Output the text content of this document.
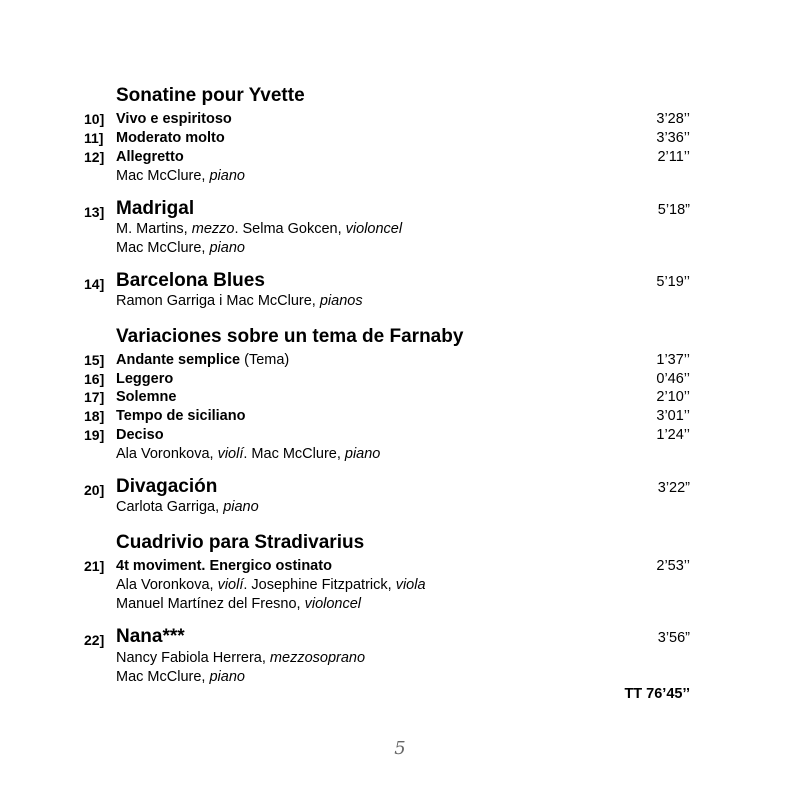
Sonatine pour Yvette
10] Vivo e espiritoso	3’28’’
11] Moderato molto	3’36’’
12] Allegretto	2’11’’
Mac McClure, piano
13] Madrigal	5’18”
M. Martins, mezzo. Selma Gokcen, violoncel
Mac McClure, piano
14] Barcelona Blues	5’19’’
Ramon Garriga i Mac McClure, pianos
Variaciones sobre un tema de Farnaby
15] Andante semplice (Tema)	1’37’’
16] Leggero	0’46’’
17] Solemne	2’10’’
18] Tempo de siciliano	3’01’’
19] Deciso	1’24’’
Ala Voronkova, violí. Mac McClure, piano
20] Divagación	3’22”
Carlota Garriga, piano
Cuadrivio para Stradivarius
21] 4t moviment. Energico ostinato	2’53’’
Ala Voronkova, violí. Josephine Fitzpatrick, viola
Manuel Martínez del Fresno, violoncel
22] Nana***	3’56”
Nancy Fabiola Herrera, mezzosoprano
Mac McClure, piano
TT 76’45’’
5
